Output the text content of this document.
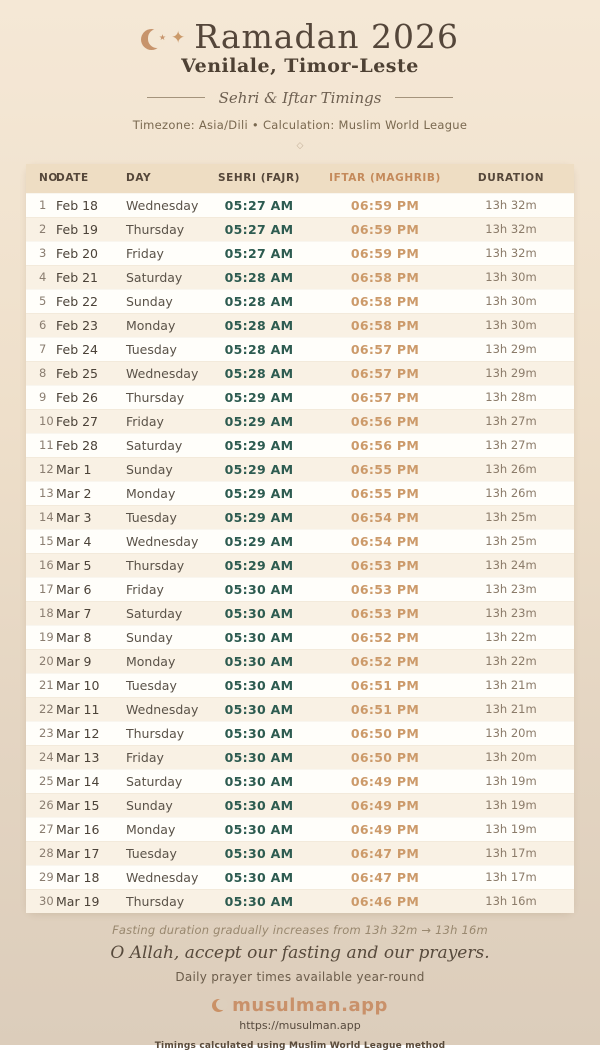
★ ✦ Ramadan 2026
Venilale, Timor-Leste
Sehri & Iftar Timings
Timezone: Asia/Dili • Calculation: Muslim World League
◇
NO.
DATE	DAY	SEHRI (FAJR)	IFTAR (MAGHRIB)	DURATION
1 Feb 18	Wednesday	05:27 AM	06:59 PM	13h 32m
2 Feb 19	Thursday	05:27 AM	06:59 PM	13h 32m
3 Feb 20	Friday	05:27 AM	06:59 PM	13h 32m
4 Feb 21	Saturday	05:28 AM	06:58 PM	13h 30m
5 Feb 22	Sunday	05:28 AM	06:58 PM	13h 30m
6 Feb 23	Monday	05:28 AM	06:58 PM	13h 30m
7 Feb 24	Tuesday	05:28 AM	06:57 PM	13h 29m
8 Feb 25	Wednesday	05:28 AM	06:57 PM	13h 29m
9 Feb 26	Thursday	05:29 AM	06:57 PM	13h 28m
10 Feb 27	Friday	05:29 AM	06:56 PM	13h 27m
11 Feb 28	Saturday	05:29 AM	06:56 PM	13h 27m
12 Mar 1	Sunday	05:29 AM	06:55 PM	13h 26m
13 Mar 2	Monday	05:29 AM	06:55 PM	13h 26m
14 Mar 3	Tuesday	05:29 AM	06:54 PM	13h 25m
15 Mar 4	Wednesday	05:29 AM	06:54 PM	13h 25m
16 Mar 5	Thursday	05:29 AM	06:53 PM	13h 24m
17 Mar 6	Friday	05:30 AM	06:53 PM	13h 23m
18 Mar 7	Saturday	05:30 AM	06:53 PM	13h 23m
19 Mar 8	Sunday	05:30 AM	06:52 PM	13h 22m
20 Mar 9	Monday	05:30 AM	06:52 PM	13h 22m
21 Mar 10	Tuesday	05:30 AM	06:51 PM	13h 21m
22 Mar 11	Wednesday	05:30 AM	06:51 PM	13h 21m
23 Mar 12	Thursday	05:30 AM	06:50 PM	13h 20m
24 Mar 13	Friday	05:30 AM	06:50 PM	13h 20m
25 Mar 14	Saturday	05:30 AM	06:49 PM	13h 19m
26 Mar 15	Sunday	05:30 AM	06:49 PM	13h 19m
27 Mar 16	Monday	05:30 AM	06:49 PM	13h 19m
28 Mar 17	Tuesday	05:30 AM	06:47 PM	13h 17m
29 Mar 18	Wednesday	05:30 AM	06:47 PM	13h 17m
30 Mar 19	Thursday	05:30 AM	06:46 PM	13h 16m
Fasting duration gradually increases from 13h 32m → 13h 16m
O Allah, accept our fasting and our prayers.
Daily prayer times available year-round
musulman.app
https://musulman.app
Timings calculated using Muslim World League method
